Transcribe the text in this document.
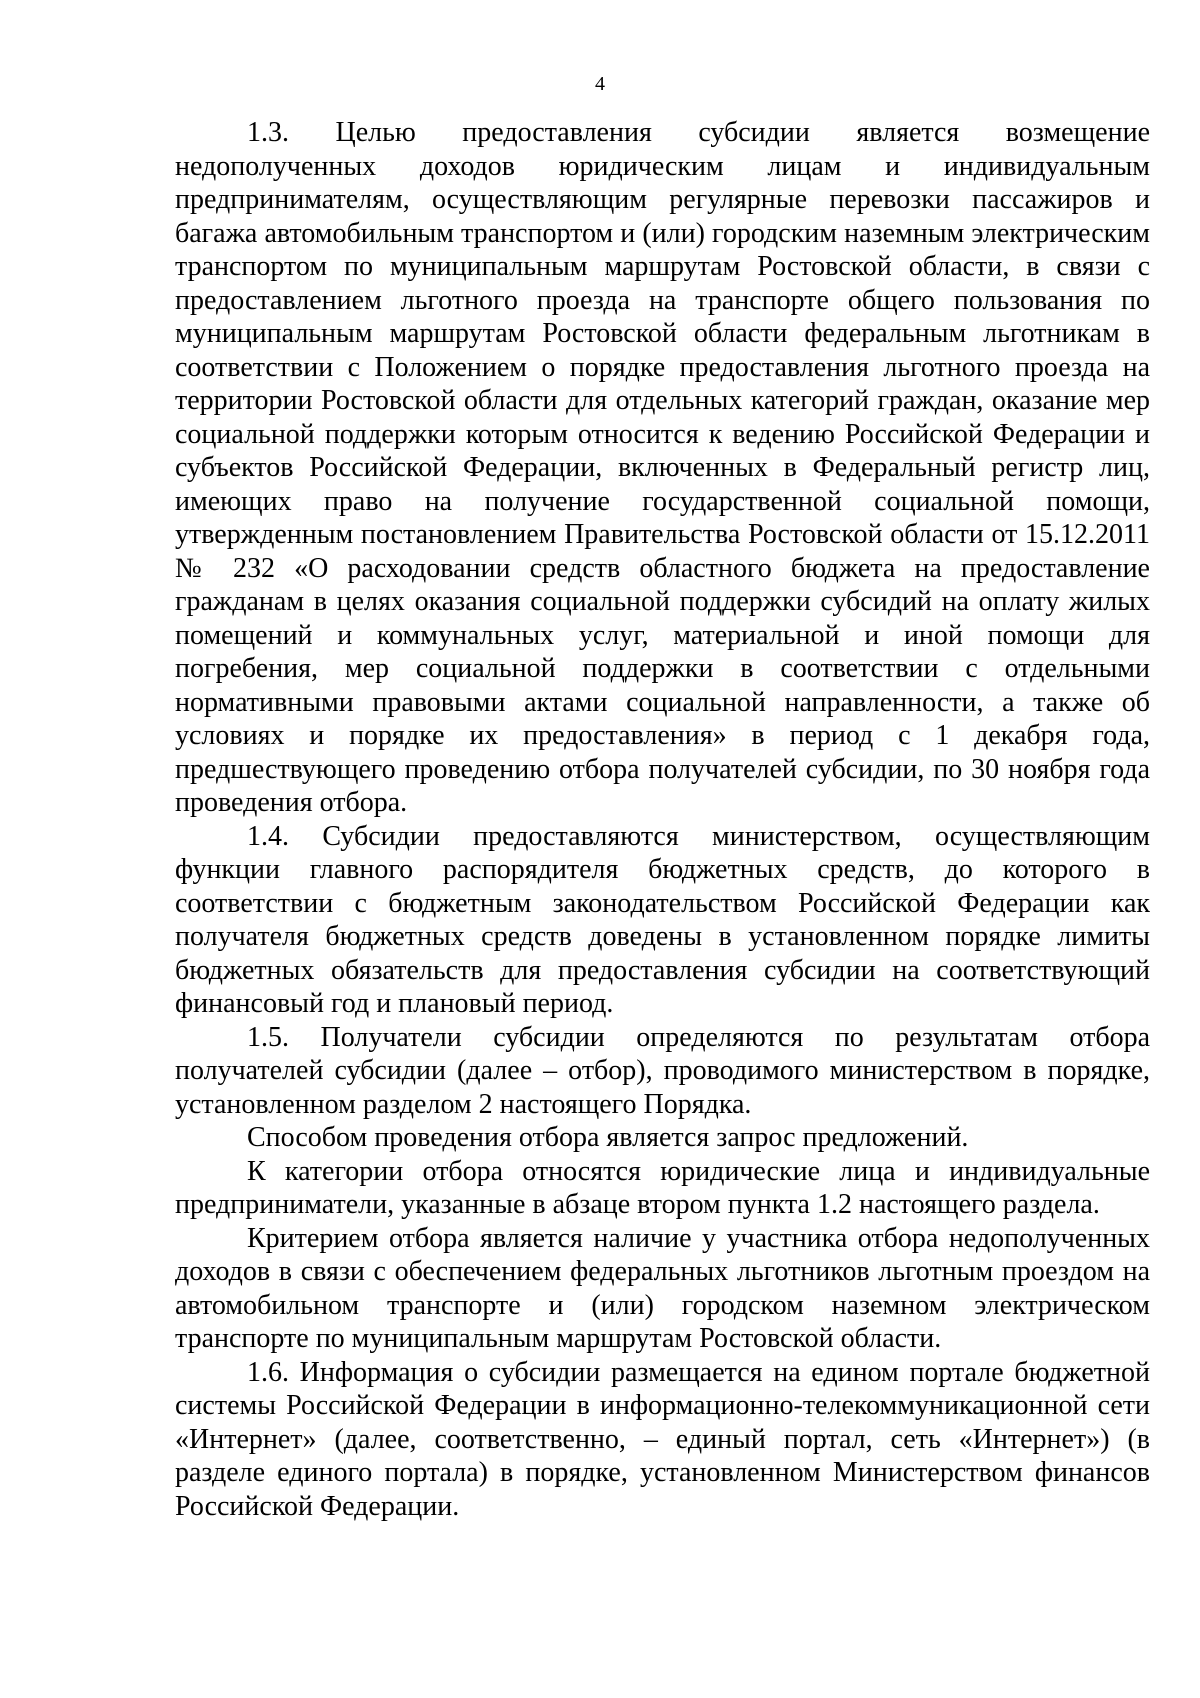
4

1.3. Целью предоставления субсидии является возмещение недополученных доходов юридическим лицам и индивидуальным предпринимателям, осуществляющим регулярные перевозки пассажиров и багажа автомобильным транспортом и (или) городским наземным электрическим транспортом по муниципальным маршрутам Ростовской области, в связи с предоставлением льготного проезда на транспорте общего пользования по муниципальным маршрутам Ростовской области федеральным льготникам в соответствии с Положением о порядке предоставления льготного проезда на территории Ростовской области для отдельных категорий граждан, оказание мер социальной поддержки которым относится к ведению Российской Федерации и субъектов Российской Федерации, включенных в Федеральный регистр лиц, имеющих право на получение государственной социальной помощи, утвержденным постановлением Правительства Ростовской области от 15.12.2011 № 232 «О расходовании средств областного бюджета на предоставление гражданам в целях оказания социальной поддержки субсидий на оплату жилых помещений и коммунальных услуг, материальной и иной помощи для погребения, мер социальной поддержки в соответствии с отдельными нормативными правовыми актами социальной направленности, а также об условиях и порядке их предоставления» в период с 1 декабря года, предшествующего проведению отбора получателей субсидии, по 30 ноября года проведения отбора.

1.4. Субсидии предоставляются министерством, осуществляющим функции главного распорядителя бюджетных средств, до которого в соответствии с бюджетным законодательством Российской Федерации как получателя бюджетных средств доведены в установленном порядке лимиты бюджетных обязательств для предоставления субсидии на соответствующий финансовый год и плановый период.

1.5. Получатели субсидии определяются по результатам отбора получателей субсидии (далее – отбор), проводимого министерством в порядке, установленном разделом 2 настоящего Порядка.

Способом проведения отбора является запрос предложений.

К категории отбора относятся юридические лица и индивидуальные предприниматели, указанные в абзаце втором пункта 1.2 настоящего раздела.

Критерием отбора является наличие у участника отбора недополученных доходов в связи с обеспечением федеральных льготников льготным проездом на автомобильном транспорте и (или) городском наземном электрическом транспорте по муниципальным маршрутам Ростовской области.

1.6. Информация о субсидии размещается на едином портале бюджетной системы Российской Федерации в информационно-телекоммуникационной сети «Интернет» (далее, соответственно, – единый портал, сеть «Интернет») (в разделе единого портала) в порядке, установленном Министерством финансов Российской Федерации.
